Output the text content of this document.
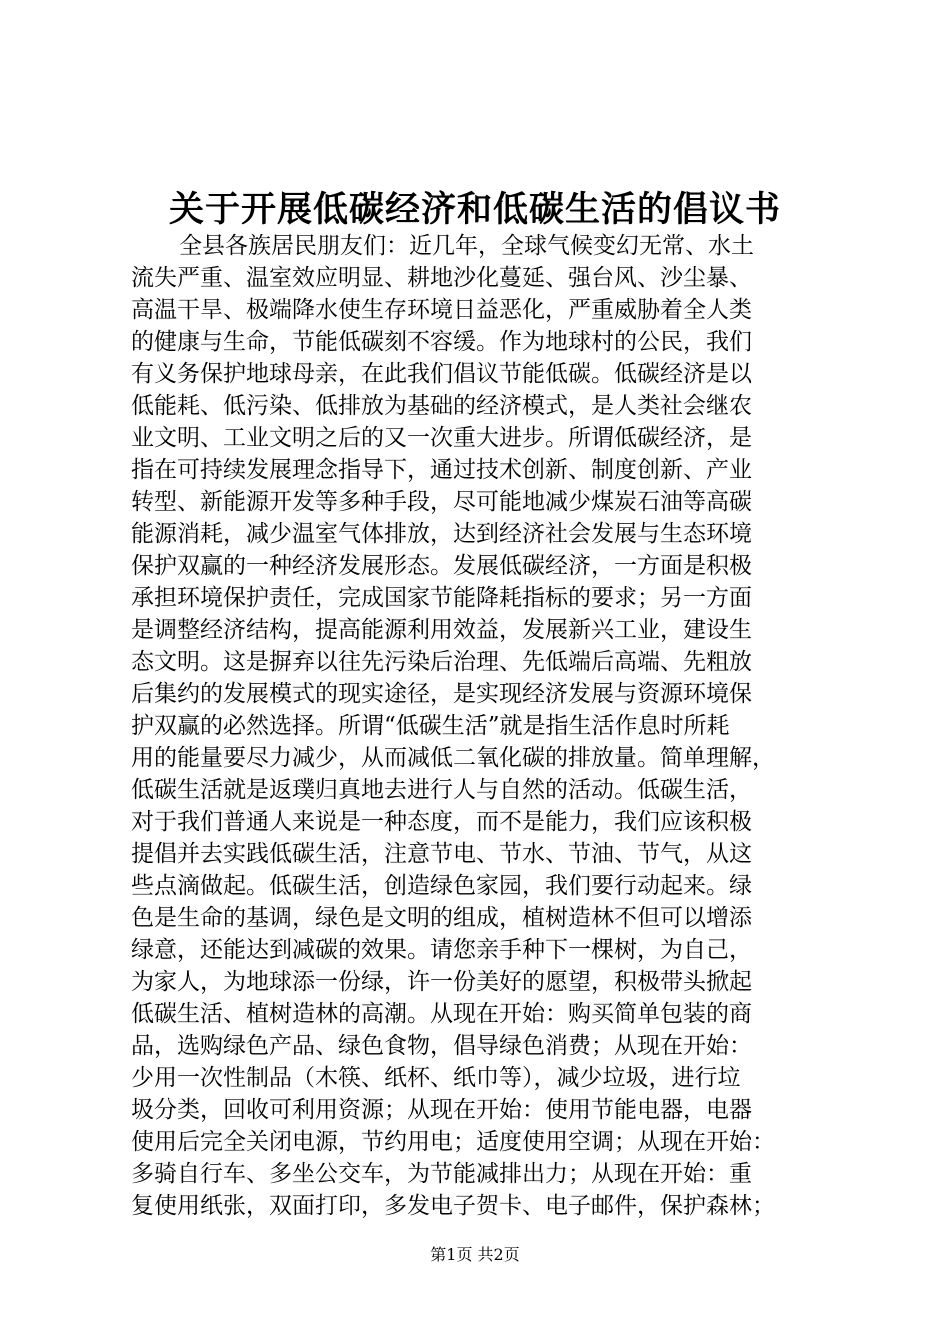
关于开展低碳经济和低碳生活的倡议书
全县各族居民朋友们：近几年，全球气候变幻无常、水土
流失严重、温室效应明显、耕地沙化蔓延、强台风、沙尘暴、
高温干旱、极端降水使生存环境日益恶化，严重威胁着全人类
的健康与生命，节能低碳刻不容缓。作为地球村的公民，我们
有义务保护地球母亲，在此我们倡议节能低碳。低碳经济是以
低能耗、低污染、低排放为基础的经济模式，是人类社会继农
业文明、工业文明之后的又一次重大进步。所谓低碳经济，是
指在可持续发展理念指导下，通过技术创新、制度创新、产业
转型、新能源开发等多种手段，尽可能地减少煤炭石油等高碳
能源消耗，减少温室气体排放，达到经济社会发展与生态环境
保护双赢的一种经济发展形态。发展低碳经济，一方面是积极
承担环境保护责任，完成国家节能降耗指标的要求；另一方面
是调整经济结构，提高能源利用效益，发展新兴工业，建设生
态文明。这是摒弃以往先污染后治理、先低端后高端、先粗放
后集约的发展模式的现实途径，是实现经济发展与资源环境保
护双赢的必然选择。所谓“低碳生活”就是指生活作息时所耗
用的能量要尽力减少，从而减低二氧化碳的排放量。简单理解，
低碳生活就是返璞归真地去进行人与自然的活动。低碳生活，
对于我们普通人来说是一种态度，而不是能力，我们应该积极
提倡并去实践低碳生活，注意节电、节水、节油、节气，从这
些点滴做起。低碳生活，创造绿色家园，我们要行动起来。绿
色是生命的基调，绿色是文明的组成，植树造林不但可以增添
绿意，还能达到减碳的效果。请您亲手种下一棵树，为自己，
为家人，为地球添一份绿，许一份美好的愿望，积极带头掀起
低碳生活、植树造林的高潮。从现在开始：购买简单包装的商
品，选购绿色产品、绿色食物，倡导绿色消费；从现在开始：
少用一次性制品（木筷、纸杯、纸巾等），减少垃圾，进行垃
圾分类，回收可利用资源；从现在开始：使用节能电器，电器
使用后完全关闭电源，节约用电；适度使用空调；从现在开始：
多骑自行车、多坐公交车，为节能减排出力；从现在开始：重
复使用纸张，双面打印，多发电子贺卡、电子邮件，保护森林；
第1页 共2页
